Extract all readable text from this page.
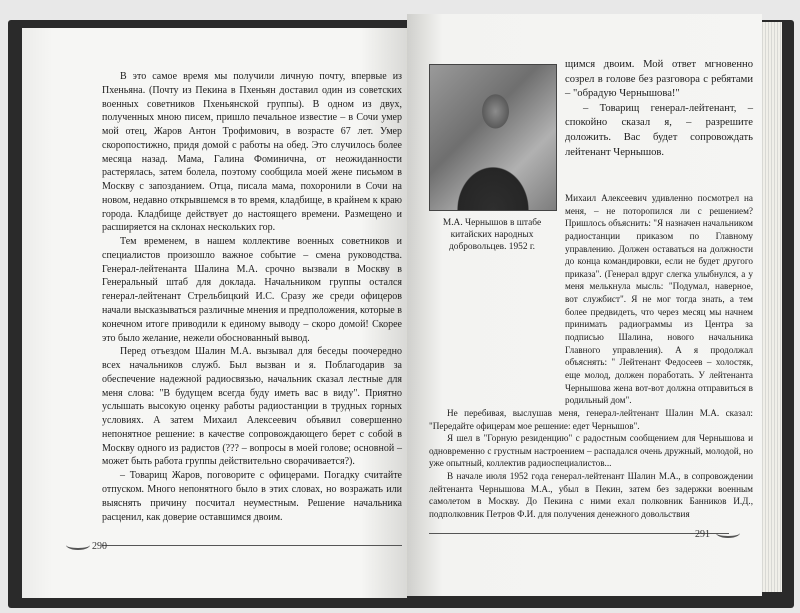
В это самое время мы получили личную почту, впервые из Пхеньяна. (Почту из Пекина в Пхеньян доставил один из советских военных советников Пхеньянской группы). В одном из двух, полученных мною писем, пришло печальное известие – в Сочи умер мой отец, Жаров Антон Трофимович, в возрасте 67 лет. Умер скоропостижно, придя домой с работы на обед. Это случилось более месяца назад. Мама, Галина Фоминична, от неожиданности растерялась, затем болела, поэтому сообщила моей жене письмом в Москву с запозданием. Отца, писала мама, похоронили в Сочи на новом, недавно открывшемся в то время, кладбище, в крайнем к краю города. Кладбище действует до настоящего времени. Размещено и расширяется на склонах нескольких гор.

Тем временем, в нашем коллективе военных советников и специалистов произошло важное событие – смена руководства. Генерал-лейтенанта Шалина М.А. срочно вызвали в Москву в Генеральный штаб для доклада. Начальником группы остался генерал-лейтенант Стрельбицкий И.С. Сразу же среди офицеров начали высказываться различные мнения и предположения, которые в конечном итоге приводили к единому выводу – скоро домой! Скорее это было желание, нежели обоснованный вывод.

Перед отъездом Шалин М.А. вызывал для беседы поочередно всех начальников служб. Был вызван и я. Поблагодарив за обеспечение надежной радиосвязью, начальник сказал лестные для меня слова: "В будущем всегда буду иметь вас в виду". Приятно услышать высокую оценку работы радиостанции в трудных горных условиях. А затем Михаил Алексеевич объявил совершенно непонятное решение: в качестве сопровождающего берет с собой в Москву одного из радистов (??? – вопросы в моей голове; основной – может быть работа группы действительно сворачивается?).

– Товарищ Жаров, поговорите с офицерами. Погадку считайте отпуском. Много непонятного было в этих словах, но возражать или выяснять причину посчитал неуместным. Решение начальника расценил, как доверие оставшимся двоим.

290
М.А. Чернышов в штабе китайских народных добровольцев. 1952 г.

щимся двоим. Мой ответ мгновенно созрел в голове без разговора с ребятами – "обрадую Чернышова!"

– Товарищ генерал-лейтенант, – спокойно сказал я, – разрешите доложить. Вас будет сопровождать лейтенант Чернышов.

Михаил Алексеевич удивленно посмотрел на меня, – не поторопился ли с решением? Пришлось объяснить: "Я назначен начальником радиостанции приказом по Главному управлению. Должен оставаться на должности до конца командировки, если не будет другого приказа". (Генерал вдруг слегка улыбнулся, а у меня мелькнула мысль: "Подумал, наверное, вот службист". Я не мог тогда знать, а тем более предвидеть, что через месяц мы начнем принимать радиограммы из Центра за подписью Шалина, нового начальника Главного управления). А я продолжал объяснять: " Лейтенант Федосеев – холостяк, еще молод, должен поработать. У лейтенанта Чернышова жена вот-вот должна отправиться в родильный дом".

Не перебивая, выслушав меня, генерал-лейтенант Шалин М.А. сказал: "Передайте офицерам мое решение: едет Чернышов".

Я шел в "Горную резиденцию" с радостным сообщением для Чернышова и одновременно с грустным настроением – распадался очень дружный, молодой, но уже опытный, коллектив радиоспециалистов...

В начале июля 1952 года генерал-лейтенант Шалин М.А., в сопровождении лейтенанта Чернышова М.А., убыл в Пекин, затем без задержки военным самолетом в Москву. До Пекина с ними ехал полковник Банников И.Д., подполковник Петров Ф.И. для получения денежного довольствия

291
